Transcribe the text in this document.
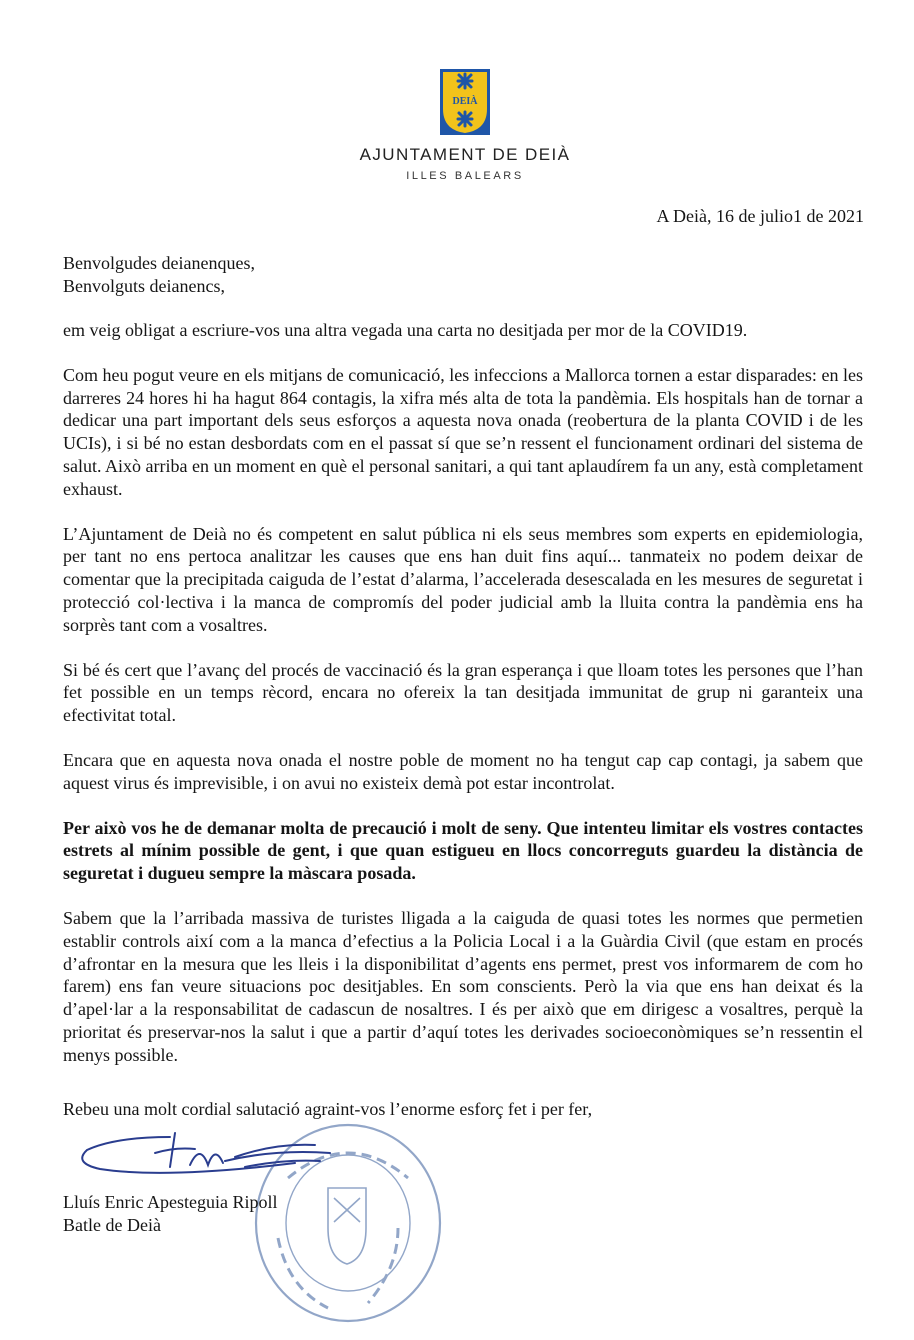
DEIÀ
AJUNTAMENT DE DEIÀ
ILLES BALEARS
A Deià, 16 de julio1 de 2021
Benvolgudes deianenques,
Benvolguts deianencs,

em veig obligat a escriure-vos una altra vegada una carta no desitjada per mor de la COVID19.

Com heu pogut veure en els mitjans de comunicació, les infeccions a Mallorca tornen a estar disparades: en les darreres 24 hores hi ha hagut 864 contagis, la xifra més alta de tota la pandèmia. Els hospitals han de tornar a dedicar una part important dels seus esforços a aquesta nova onada (reobertura de la planta COVID i de les UCIs), i si bé no estan desbordats com en el passat sí que se’n ressent el funcionament ordinari del sistema de salut. Això arriba en un moment en què el personal sanitari, a qui tant aplaudírem fa un any, està completament exhaust.

L’Ajuntament de Deià no és competent en salut pública ni els seus membres som experts en epidemiologia, per tant no ens pertoca analitzar les causes que ens han duit fins aquí... tanmateix no podem deixar de comentar que la precipitada caiguda de l’estat d’alarma, l’accelerada desescalada en les mesures de seguretat i protecció col·lectiva i la manca de compromís del poder judicial amb la lluita contra la pandèmia ens ha sorprès tant com a vosaltres.

Si bé és cert que l’avanç del procés de vaccinació és la gran esperança i que lloam totes les persones que l’han fet possible en un temps rècord, encara no ofereix la tan desitjada immunitat de grup ni garanteix una efectivitat total.

Encara que en aquesta nova onada el nostre poble de moment no ha tengut cap cap contagi, ja sabem que aquest virus és imprevisible, i on avui no existeix demà pot estar incontrolat.

Per això vos he de demanar molta de precaució i molt de seny. Que intenteu limitar els vostres contactes estrets al mínim possible de gent, i que quan estigueu en llocs concorreguts guardeu la distància de seguretat i dugueu sempre la màscara posada.

Sabem que la l’arribada massiva de turistes lligada a la caiguda de quasi totes les normes que permetien establir controls així com a la manca d’efectius a la Policia Local i a la Guàrdia Civil (que estam en procés d’afrontar en la mesura que les lleis i la disponibilitat d’agents ens permet, prest vos informarem de com ho farem) ens fan veure situacions poc desitjables. En som conscients. Però la via que ens han deixat és la d’apel·lar a la responsabilitat de cadascun de nosaltres. I és per això que em dirigesc a vosaltres, perquè la prioritat és preservar-nos la salut i que a partir d’aquí totes les derivades socioeconòmiques se’n ressentin el menys possible.

Rebeu una molt cordial salutació agraint-vos l’enorme esforç fet i per fer,
Lluís Enric Apesteguia Ripoll
Batle de Deià
